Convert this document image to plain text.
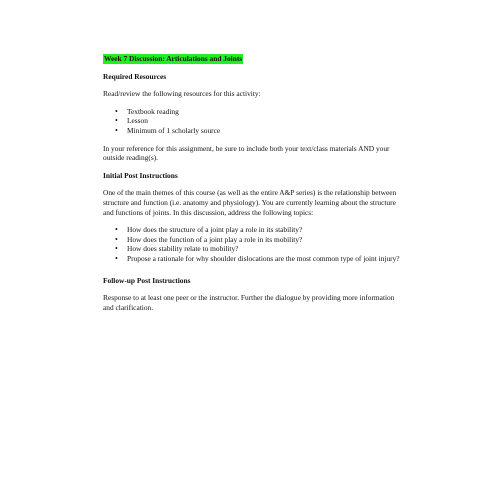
Week 7 Discussion: Articulations and Joints
Required Resources

Read/review the following resources for this activity:

• Textbook reading
• Lesson
• Minimum of 1 scholarly source

In your reference for this assignment, be sure to include both your text/class materials AND your outside reading(s).

Initial Post Instructions

One of the main themes of this course (as well as the entire A&P series) is the relationship between structure and function (i.e. anatomy and physiology). You are currently learning about the structure and functions of joints. In this discussion, address the following topics:

• How does the structure of a joint play a role in its stability?
• How does the function of a joint play a role in its mobility?
• How does stability relate to mobility?
• Propose a rationale for why shoulder dislocations are the most common type of joint injury?
Follow-up Post Instructions

Response to at least one peer or the instructor. Further the dialogue by providing more information and clarification.
